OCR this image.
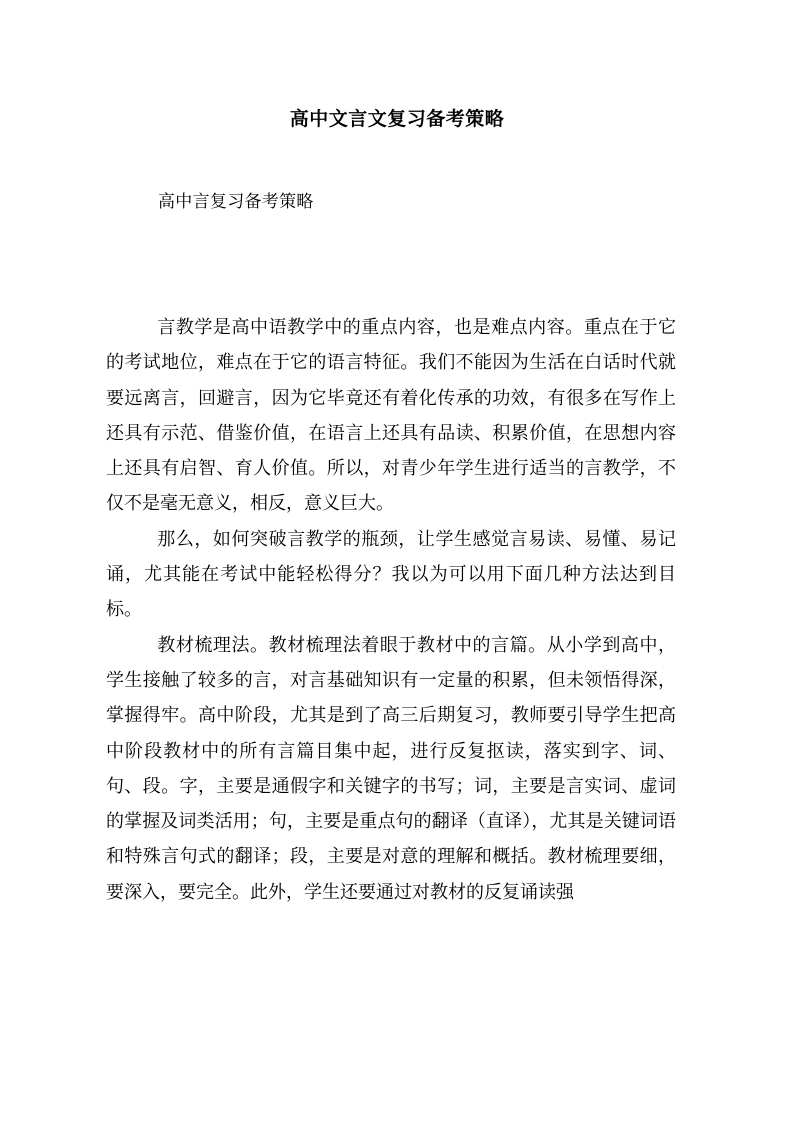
高中文言文复习备考策略

高中言复习备考策略

言教学是高中语教学中的重点内容，也是难点内容。重点在于它的考试地位，难点在于它的语言特征。我们不能因为生活在白话时代就要远离言，回避言，因为它毕竟还有着化传承的功效，有很多在写作上还具有示范、借鉴价值，在语言上还具有品读、积累价值，在思想内容上还具有启智、育人价值。所以，对青少年学生进行适当的言教学，不仅不是毫无意义，相反，意义巨大。

那么，如何突破言教学的瓶颈，让学生感觉言易读、易懂、易记诵，尤其能在考试中能轻松得分？我以为可以用下面几种方法达到目标。

教材梳理法。教材梳理法着眼于教材中的言篇。从小学到高中，学生接触了较多的言，对言基础知识有一定量的积累，但未领悟得深，掌握得牢。高中阶段，尤其是到了高三后期复习，教师要引导学生把高中阶段教材中的所有言篇目集中起，进行反复抠读，落实到字、词、句、段。字，主要是通假字和关键字的书写；词，主要是言实词、虚词的掌握及词类活用；句，主要是重点句的翻译（直译），尤其是关键词语和特殊言句式的翻译；段，主要是对意的理解和概括。教材梳理要细，要深入，要完全。此外，学生还要通过对教材的反复诵读强
